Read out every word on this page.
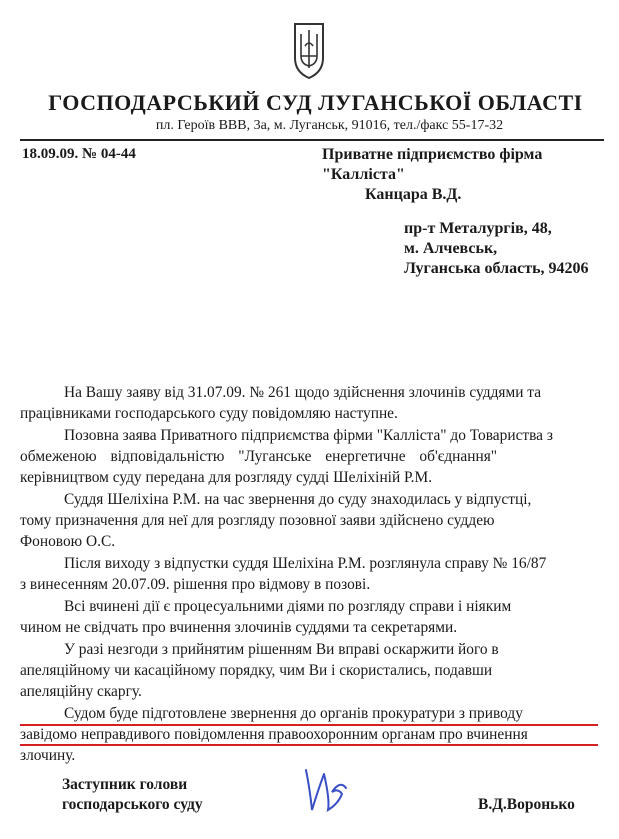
ГОСПОДАРСЬКИЙ СУД ЛУГАНСЬКОЇ ОБЛАСТІ
пл. Героїв ВВВ, 3а, м. Луганськ, 91016, тел./факс 55-17-32
18.09.09. № 04-44	Приватне підприємство фірма
"Калліста"
Канцара В.Д.
пр-т Металургів, 48,
м. Алчевськ,
Луганська область, 94206
На Вашу заяву від 31.07.09. № 261 щодо здійснення злочинів суддями та
працівниками господарського суду повідомляю наступне.
Позовна заява Приватного підприємства фірми "Калліста" до Товариства з
обмеженою відповідальністю "Луганське енергетичне об'єднання"
керівництвом суду передана для розгляду судді Шеліхіній Р.М.
Суддя Шеліхіна Р.М. на час звернення до суду знаходилась у відпустці,
тому призначення для неї для розгляду позовної заяви здійснено суддею
Фоновою О.С.
Після виходу з відпустки суддя Шеліхіна Р.М. розглянула справу № 16/87
з винесенням 20.07.09. рішення про відмову в позові.
Всі вчинені дії є процесуальними діями по розгляду справи і ніяким
чином не свідчать про вчинення злочинів суддями та секретарями.
У разі незгоди з прийнятим рішенням Ви вправі оскаржити його в
апеляційному чи касаційному порядку, чим Ви і скористались, подавши
апеляційну скаргу.
Судом буде підготовлене звернення до органів прокуратури з приводу
завідомо неправдивого повідомлення правоохоронним органам про вчинення
злочину.
Заступник голови
господарського суду	В.Д.Воронько
